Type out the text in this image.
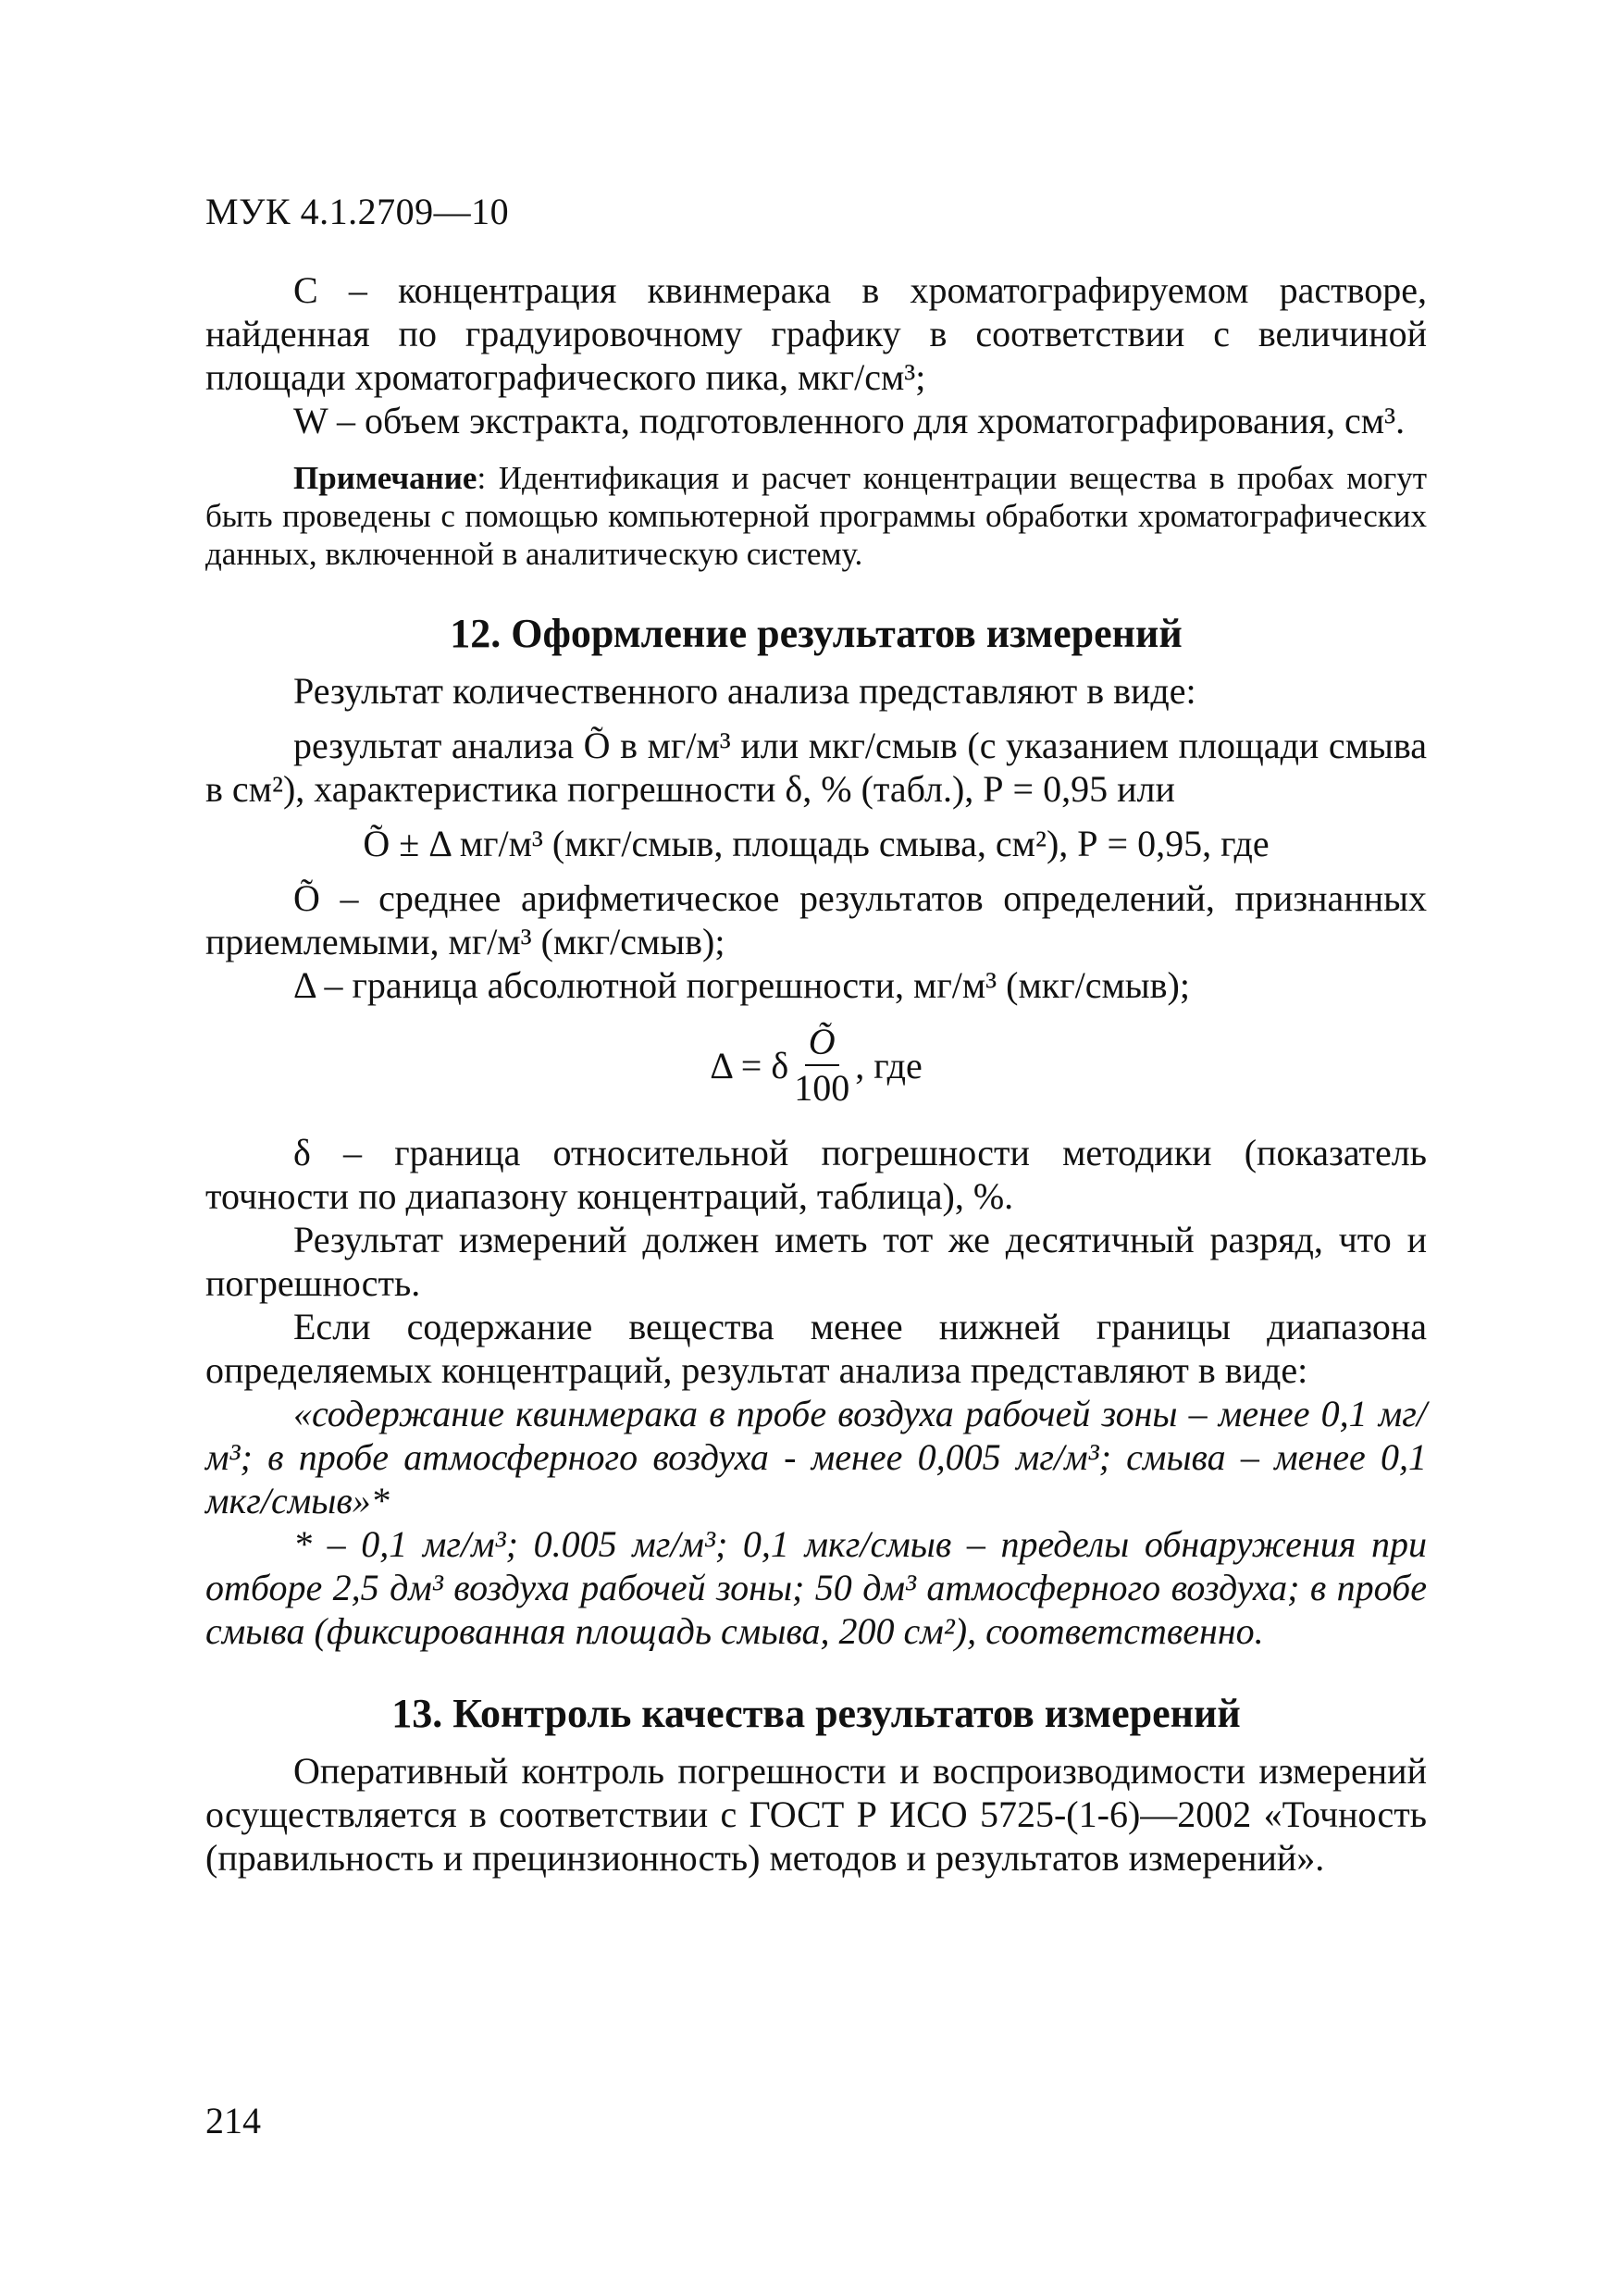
МУК 4.1.2709—10

С – концентрация квинмерака в хроматографируемом растворе, найденная по градуировочному графику в соответствии с величиной площади хроматографического пика, мкг/см³;

W – объем экстракта, подготовленного для хроматографирования, см³.

Примечание: Идентификация и расчет концентрации вещества в пробах могут быть проведены с помощью компьютерной программы обработки хроматографических данных, включенной в аналитическую систему.

12. Оформление результатов измерений

Результат количественного анализа представляют в виде:

результат анализа Õ в мг/м³ или мкг/смыв (с указанием площади смыва в см²), характеристика погрешности δ, % (табл.), Р = 0,95 или

Õ ± Δ мг/м³ (мкг/смыв, площадь смыва, см²), Р = 0,95, где

Õ – среднее арифметическое результатов определений, признанных приемлемыми, мг/м³ (мкг/смыв);

Δ – граница абсолютной погрешности, мг/м³ (мкг/смыв);

Δ = δ $\frac{Õ}{100}$ , где

δ – граница относительной погрешности методики (показатель точности по диапазону концентраций, таблица), %.

Результат измерений должен иметь тот же десятичный разряд, что и погрешность.

Если содержание вещества менее нижней границы диапазона определяемых концентраций, результат анализа представляют в виде:

«содержание квинмерака в пробе воздуха рабочей зоны – менее 0,1 мг/м³; в пробе атмосферного воздуха - менее 0,005 мг/м³; смыва – менее 0,1 мкг/смыв»*

* – 0,1 мг/м³; 0.005 мг/м³; 0,1 мкг/смыв – пределы обнаружения при отборе 2,5 дм³ воздуха рабочей зоны; 50 дм³ атмосферного воздуха; в пробе смыва (фиксированная площадь смыва, 200 см²), соответственно.

13. Контроль качества результатов измерений

Оперативный контроль погрешности и воспроизводимости измерений осуществляется в соответствии с ГОСТ Р ИСО 5725-(1-6)—2002 «Точность (правильность и прецинзионность) методов и результатов измерений».

214
